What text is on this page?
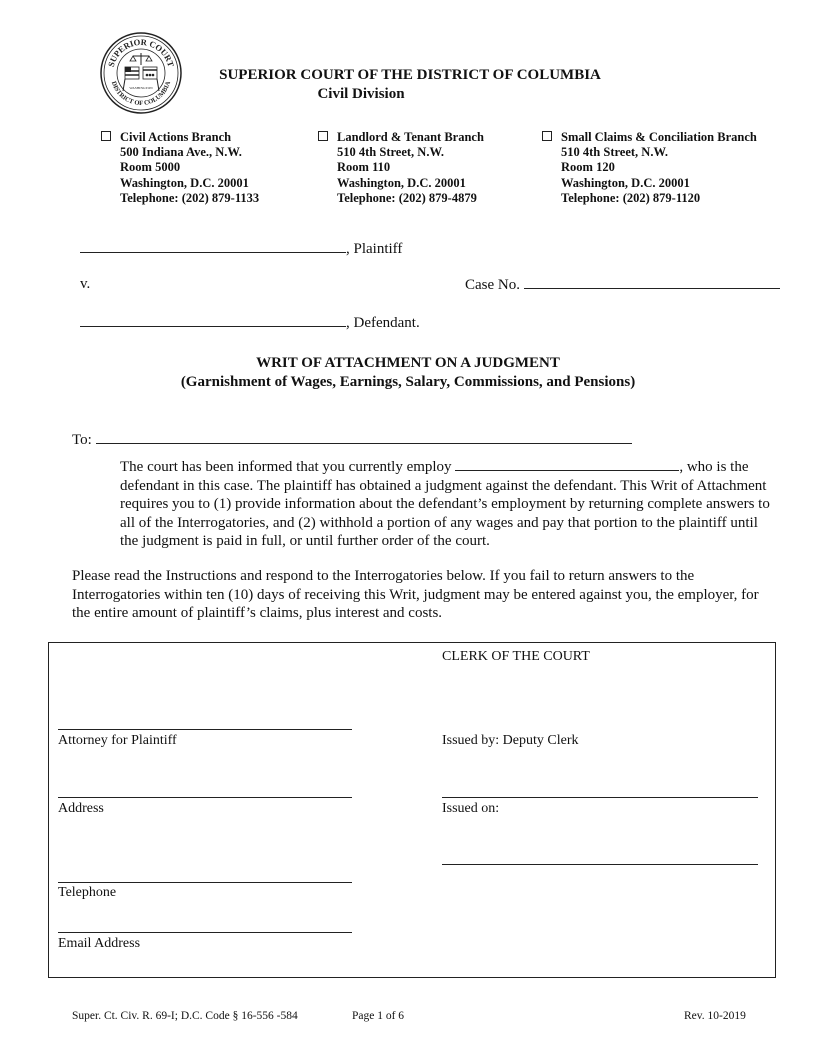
SUPERIOR COURT
DISTRICT OF COLUMBIA
WASHINGTON
SUPERIOR COURT OF THE DISTRICT OF COLUMBIA
Civil Division
Civil Actions Branch
500 Indiana Ave., N.W.
Room 5000
Washington, D.C. 20001
Telephone: (202) 879-1133
Landlord & Tenant Branch
510 4th Street, N.W.
Room 110
Washington, D.C. 20001
Telephone: (202) 879-4879
Small Claims & Conciliation Branch
510 4th Street, N.W.
Room 120
Washington, D.C. 20001
Telephone: (202) 879-1120
, Plaintiff
v.	Case No.
, Defendant.
WRIT OF ATTACHMENT ON A JUDGMENT
(Garnishment of Wages, Earnings, Salary, Commissions, and Pensions)
To:

The court has been informed that you currently employ	, who is the defendant in this case. The plaintiff has obtained a judgment against the defendant. This Writ of Attachment requires you to (1) provide information about the defendant’s employment by returning complete answers to all of the Interrogatories, and (2) withhold a portion of any wages and pay that portion to the plaintiff until the judgment is paid in full, or until further order of the court.

Please read the Instructions and respond to the Interrogatories below. If you fail to return answers to the Interrogatories within ten (10) days of receiving this Writ, judgment may be entered against you, the employer, for the entire amount of plaintiff’s claims, plus interest and costs.

CLERK OF THE COURT
Attorney for Plaintiff	Issued by: Deputy Clerk
Address	Issued on:
Telephone
Email Address
Super. Ct. Civ. R. 69-I; D.C. Code § 16-556 -584	Page 1 of 6	Rev. 10-2019
